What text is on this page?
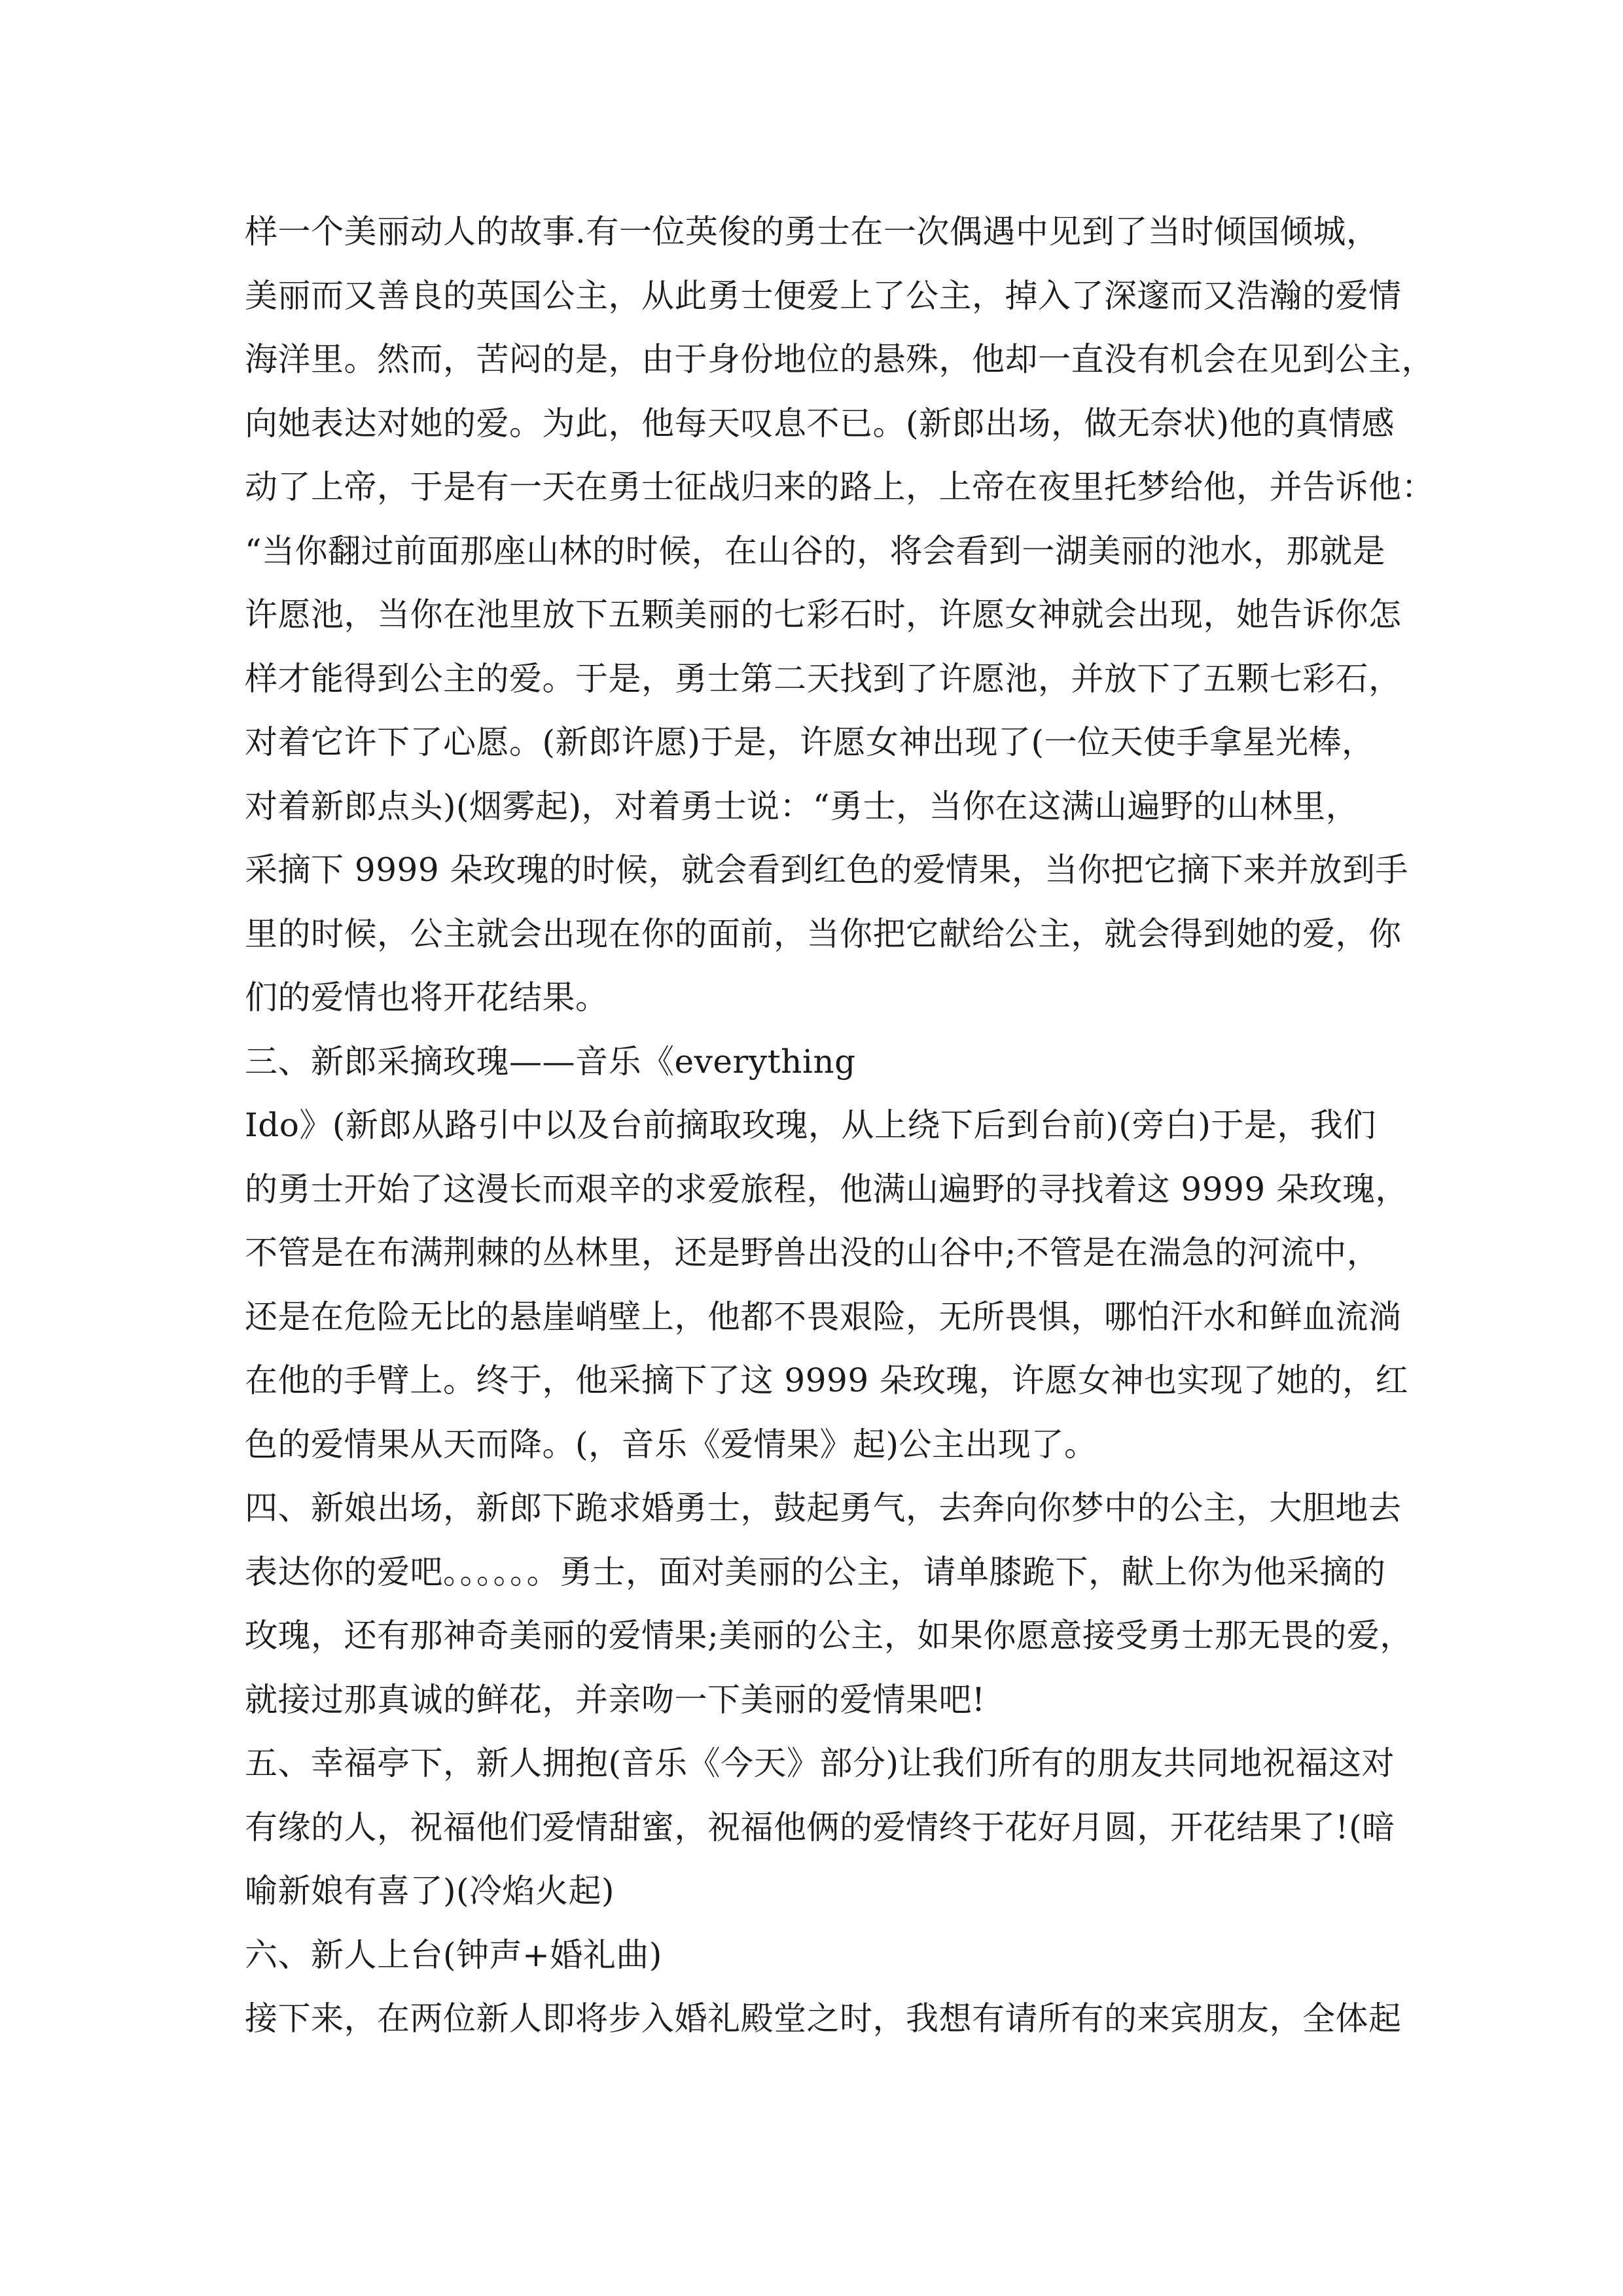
样一个美丽动人的故事.有一位英俊的勇士在一次偶遇中见到了当时倾国倾城，
美丽而又善良的英国公主，从此勇士便爱上了公主，掉入了深邃而又浩瀚的爱情
海洋里。然而，苦闷的是，由于身份地位的悬殊，他却一直没有机会在见到公主，
向她表达对她的爱。为此，他每天叹息不已。(新郎出场，做无奈状)他的真情感
动了上帝，于是有一天在勇士征战归来的路上，上帝在夜里托梦给他，并告诉他：
“当你翻过前面那座山林的时候，在山谷的，将会看到一湖美丽的池水，那就是
许愿池，当你在池里放下五颗美丽的七彩石时，许愿女神就会出现，她告诉你怎
样才能得到公主的爱。于是，勇士第二天找到了许愿池，并放下了五颗七彩石，
对着它许下了心愿。(新郎许愿)于是，许愿女神出现了(一位天使手拿星光棒，
对着新郎点头)(烟雾起)，对着勇士说：“勇士，当你在这满山遍野的山林里，
采摘下 9999 朵玫瑰的时候，就会看到红色的爱情果，当你把它摘下来并放到手
里的时候，公主就会出现在你的面前，当你把它献给公主，就会得到她的爱，你
们的爱情也将开花结果。
三、新郎采摘玫瑰——音乐《everything
Ido》(新郎从路引中以及台前摘取玫瑰，从上绕下后到台前)(旁白)于是，我们
的勇士开始了这漫长而艰辛的求爱旅程，他满山遍野的寻找着这 9999 朵玫瑰，
不管是在布满荆棘的丛林里，还是野兽出没的山谷中;不管是在湍急的河流中，
还是在危险无比的悬崖峭壁上，他都不畏艰险，无所畏惧，哪怕汗水和鲜血流淌
在他的手臂上。终于，他采摘下了这 9999 朵玫瑰，许愿女神也实现了她的，红
色的爱情果从天而降。(，音乐《爱情果》起)公主出现了。
四、新娘出场，新郎下跪求婚勇士，鼓起勇气，去奔向你梦中的公主，大胆地去
表达你的爱吧。。。。。。勇士，面对美丽的公主，请单膝跪下，献上你为他采摘的
玫瑰，还有那神奇美丽的爱情果;美丽的公主，如果你愿意接受勇士那无畏的爱，
就接过那真诚的鲜花，并亲吻一下美丽的爱情果吧!
五、幸福亭下，新人拥抱(音乐《今天》部分)让我们所有的朋友共同地祝福这对
有缘的人，祝福他们爱情甜蜜，祝福他俩的爱情终于花好月圆，开花结果了!(暗
喻新娘有喜了)(冷焰火起)
六、新人上台(钟声+婚礼曲)
接下来，在两位新人即将步入婚礼殿堂之时，我想有请所有的来宾朋友，全体起
